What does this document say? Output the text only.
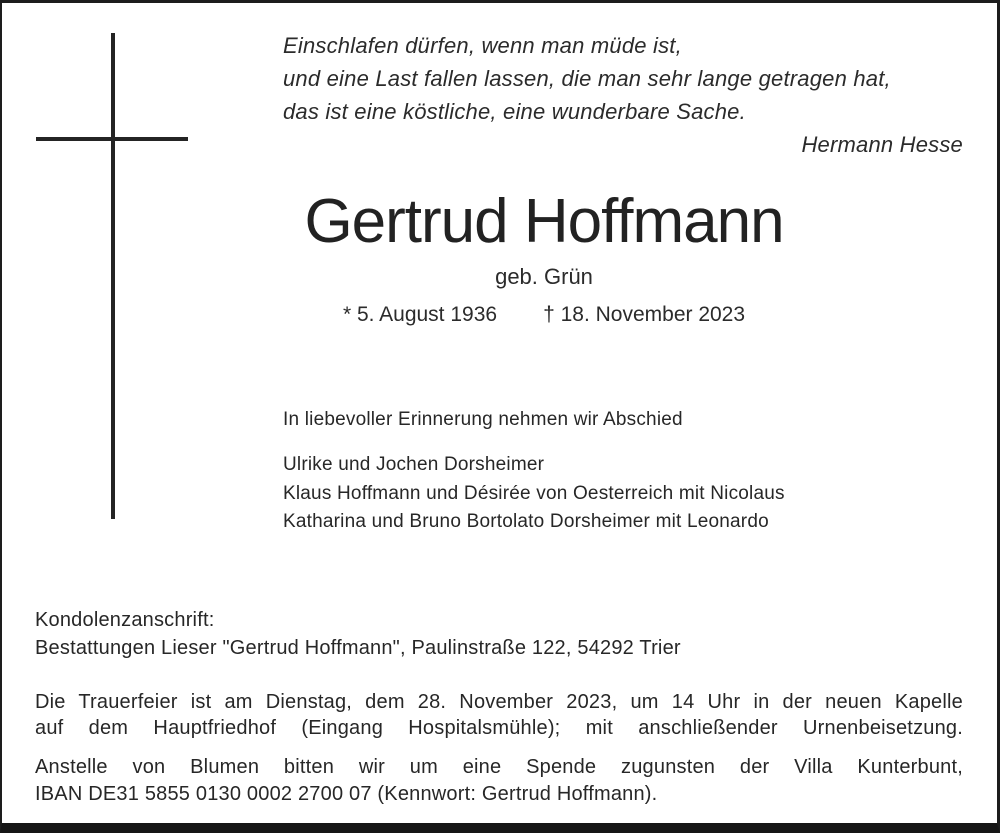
Einschlafen dürfen, wenn man müde ist,
und eine Last fallen lassen, die man sehr lange getragen hat,
das ist eine köstliche, eine wunderbare Sache.
Hermann Hesse
Gertrud Hoffmann
geb. Grün
* 5. August 1936 † 18. November 2023
In liebevoller Erinnerung nehmen wir Abschied
Ulrike und Jochen Dorsheimer
Klaus Hoffmann und Désirée von Oesterreich mit Nicolaus
Katharina und Bruno Bortolato Dorsheimer mit Leonardo
Kondolenzanschrift:
Bestattungen Lieser "Gertrud Hoffmann", Paulinstraße 122, 54292 Trier
Die Trauerfeier ist am Dienstag, dem 28. November 2023, um 14 Uhr in der neuen Kapelle
auf dem Hauptfriedhof (Eingang Hospitalsmühle); mit anschließender Urnenbeisetzung.
Anstelle von Blumen bitten wir um eine Spende zugunsten der Villa Kunterbunt,
IBAN DE31 5855 0130 0002 2700 07 (Kennwort: Gertrud Hoffmann).
